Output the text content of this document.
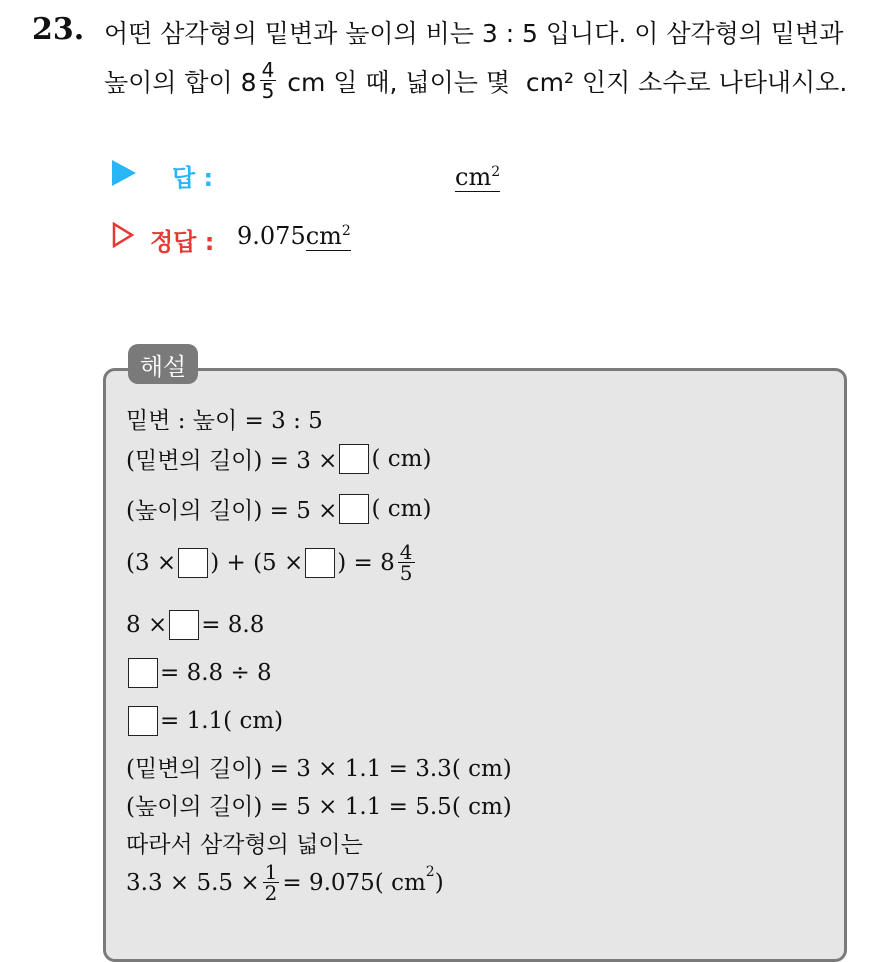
23. 어떤 삼각형의 밑변과 높이의 비는 3 : 5 입니다. 이 삼각형의 밑변과
높이의 합이 $8 \frac{4}{5}$ cm 일 때, 넓이는 몇  cm² 인지 소수로 나타내시오.
답 :	$cm^2$
정답 : $9.075cm^2$
해설
밑변 : 높이 = 3 : 5
(밑변의 길이) = 3 × ( cm)
(높이의 길이) = 5 × ( cm)
(3 × ) + (5 × ) = $8 \frac{4}{5}$
8 × = 8.8
= 8.8 ÷ 8
= 1.1( cm)
(밑변의 길이) = 3 × 1.1 = 3.3( cm)
(높이의 길이) = 5 × 1.1 = 5.5( cm)
따라서 삼각형의 넓이는
$3.3 \times 5.5 \times \frac{1}{2} = 9.075$( $cm^2$ )
